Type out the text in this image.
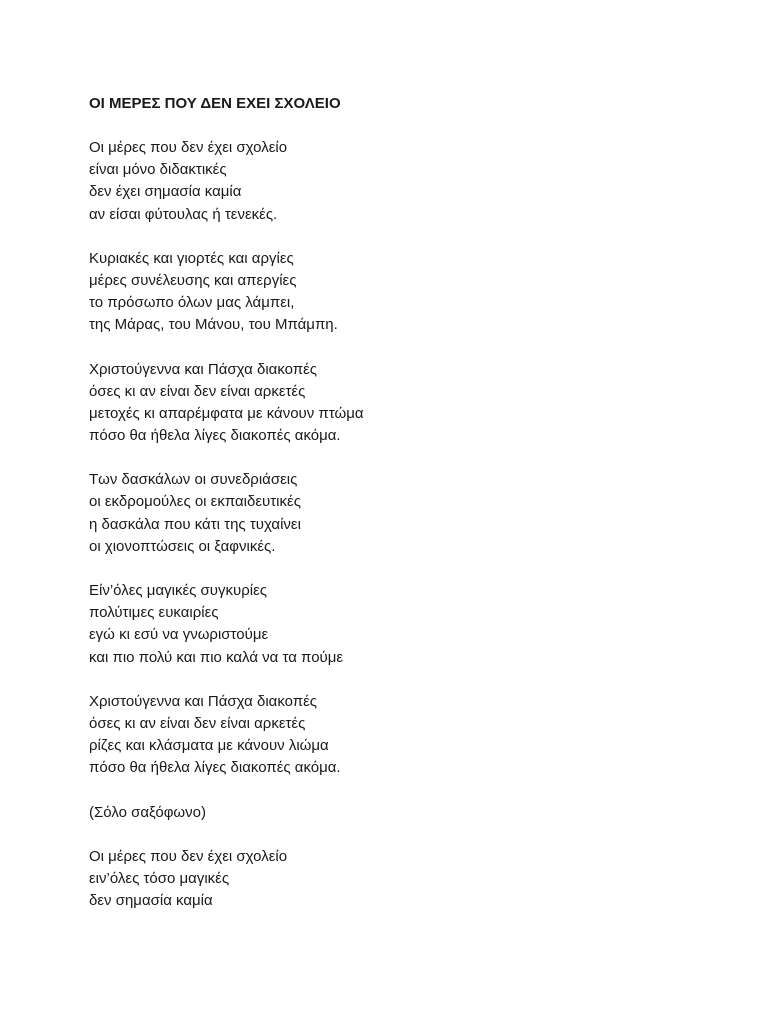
ΟΙ ΜΕΡΕΣ ΠΟΥ ΔΕΝ ΕΧΕΙ ΣΧΟΛΕΙΟ
Οι μέρες που δεν έχει σχολείο
είναι μόνο διδακτικές
δεν έχει σημασία καμία
αν είσαι φύτουλας ή τενεκές.
Κυριακές και γιορτές και αργίες
μέρες συνέλευσης και απεργίες
το πρόσωπο όλων μας λάμπει,
της Μάρας, του Μάνου, του Μπάμπη.
Χριστούγεννα και Πάσχα διακοπές
όσες κι αν είναι δεν είναι αρκετές
μετοχές κι απαρέμφατα με κάνουν πτώμα
πόσο θα ήθελα λίγες διακοπές ακόμα.
Των δασκάλων οι συνεδριάσεις
οι εκδρομούλες οι εκπαιδευτικές
η δασκάλα που κάτι της τυχαίνει
οι χιονοπτώσεις οι ξαφνικές.
Είν’όλες μαγικές συγκυρίες
πολύτιμες ευκαιρίες
εγώ κι εσύ να γνωριστούμε
και πιο πολύ και πιο καλά να τα πούμε
Χριστούγεννα και Πάσχα διακοπές
όσες κι αν είναι δεν είναι αρκετές
ρίζες και κλάσματα με κάνουν λιώμα
πόσο θα ήθελα λίγες διακοπές ακόμα.
(Σόλο σαξόφωνο)
Οι μέρες που δεν έχει σχολείο
ειν’όλες τόσο μαγικές
δεν σημασία καμία
